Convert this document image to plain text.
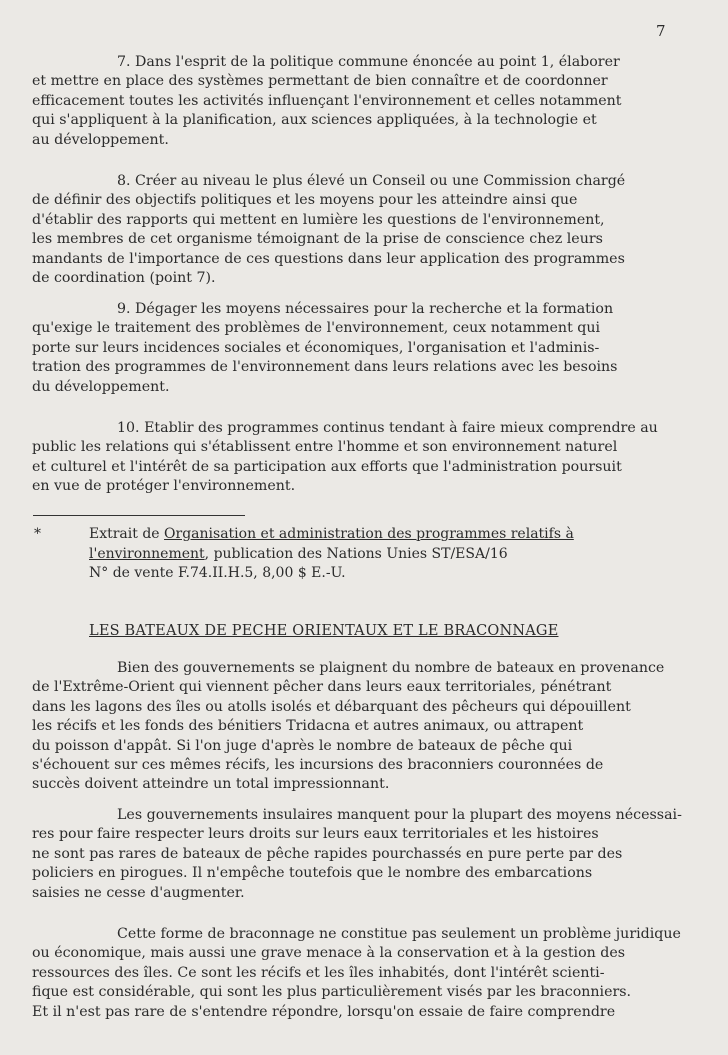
7
7. Dans l'esprit de la politique commune énoncée au point 1, élaborer
et mettre en place des systèmes permettant de bien connaître et de coordonner
efficacement toutes les activités influençant l'environnement et celles notamment
qui s'appliquent à la planification, aux sciences appliquées, à la technologie et
au développement.
8. Créer au niveau le plus élevé un Conseil ou une Commission chargé
de définir des objectifs politiques et les moyens pour les atteindre ainsi que
d'établir des rapports qui mettent en lumière les questions de l'environnement,
les membres de cet organisme témoignant de la prise de conscience chez leurs
mandants de l'importance de ces questions dans leur application des programmes
de coordination (point 7).
9. Dégager les moyens nécessaires pour la recherche et la formation
qu'exige le traitement des problèmes de l'environnement, ceux notamment qui
porte sur leurs incidences sociales et économiques, l'organisation et l'adminis-
tration des programmes de l'environnement dans leurs relations avec les besoins
du développement.
10. Etablir des programmes continus tendant à faire mieux comprendre au
public les relations qui s'établissent entre l'homme et son environnement naturel
et culturel et l'intérêt de sa participation aux efforts que l'administration poursuit
en vue de protéger l'environnement.
*	Extrait de Organisation et administration des programmes relatifs à
l'environnement, publication des Nations Unies ST/ESA/16
N° de vente F.74.II.H.5, 8,00 $ E.-U.
LES BATEAUX DE PECHE ORIENTAUX ET LE BRACONNAGE
Bien des gouvernements se plaignent du nombre de bateaux en provenance
de l'Extrême-Orient qui viennent pêcher dans leurs eaux territoriales, pénétrant
dans les lagons des îles ou atolls isolés et débarquant des pêcheurs qui dépouillent
les récifs et les fonds des bénitiers Tridacna et autres animaux, ou attrapent
du poisson d'appât. Si l'on juge d'après le nombre de bateaux de pêche qui
s'échouent sur ces mêmes récifs, les incursions des braconniers couronnées de
succès doivent atteindre un total impressionnant.
Les gouvernements insulaires manquent pour la plupart des moyens nécessai-
res pour faire respecter leurs droits sur leurs eaux territoriales et les histoires
ne sont pas rares de bateaux de pêche rapides pourchassés en pure perte par des
policiers en pirogues. Il n'empêche toutefois que le nombre des embarcations
saisies ne cesse d'augmenter.
Cette forme de braconnage ne constitue pas seulement un problème juridique
ou économique, mais aussi une grave menace à la conservation et à la gestion des
ressources des îles. Ce sont les récifs et les îles inhabités, dont l'intérêt scienti-
fique est considérable, qui sont les plus particulièrement visés par les braconniers.
Et il n'est pas rare de s'entendre répondre, lorsqu'on essaie de faire comprendre
